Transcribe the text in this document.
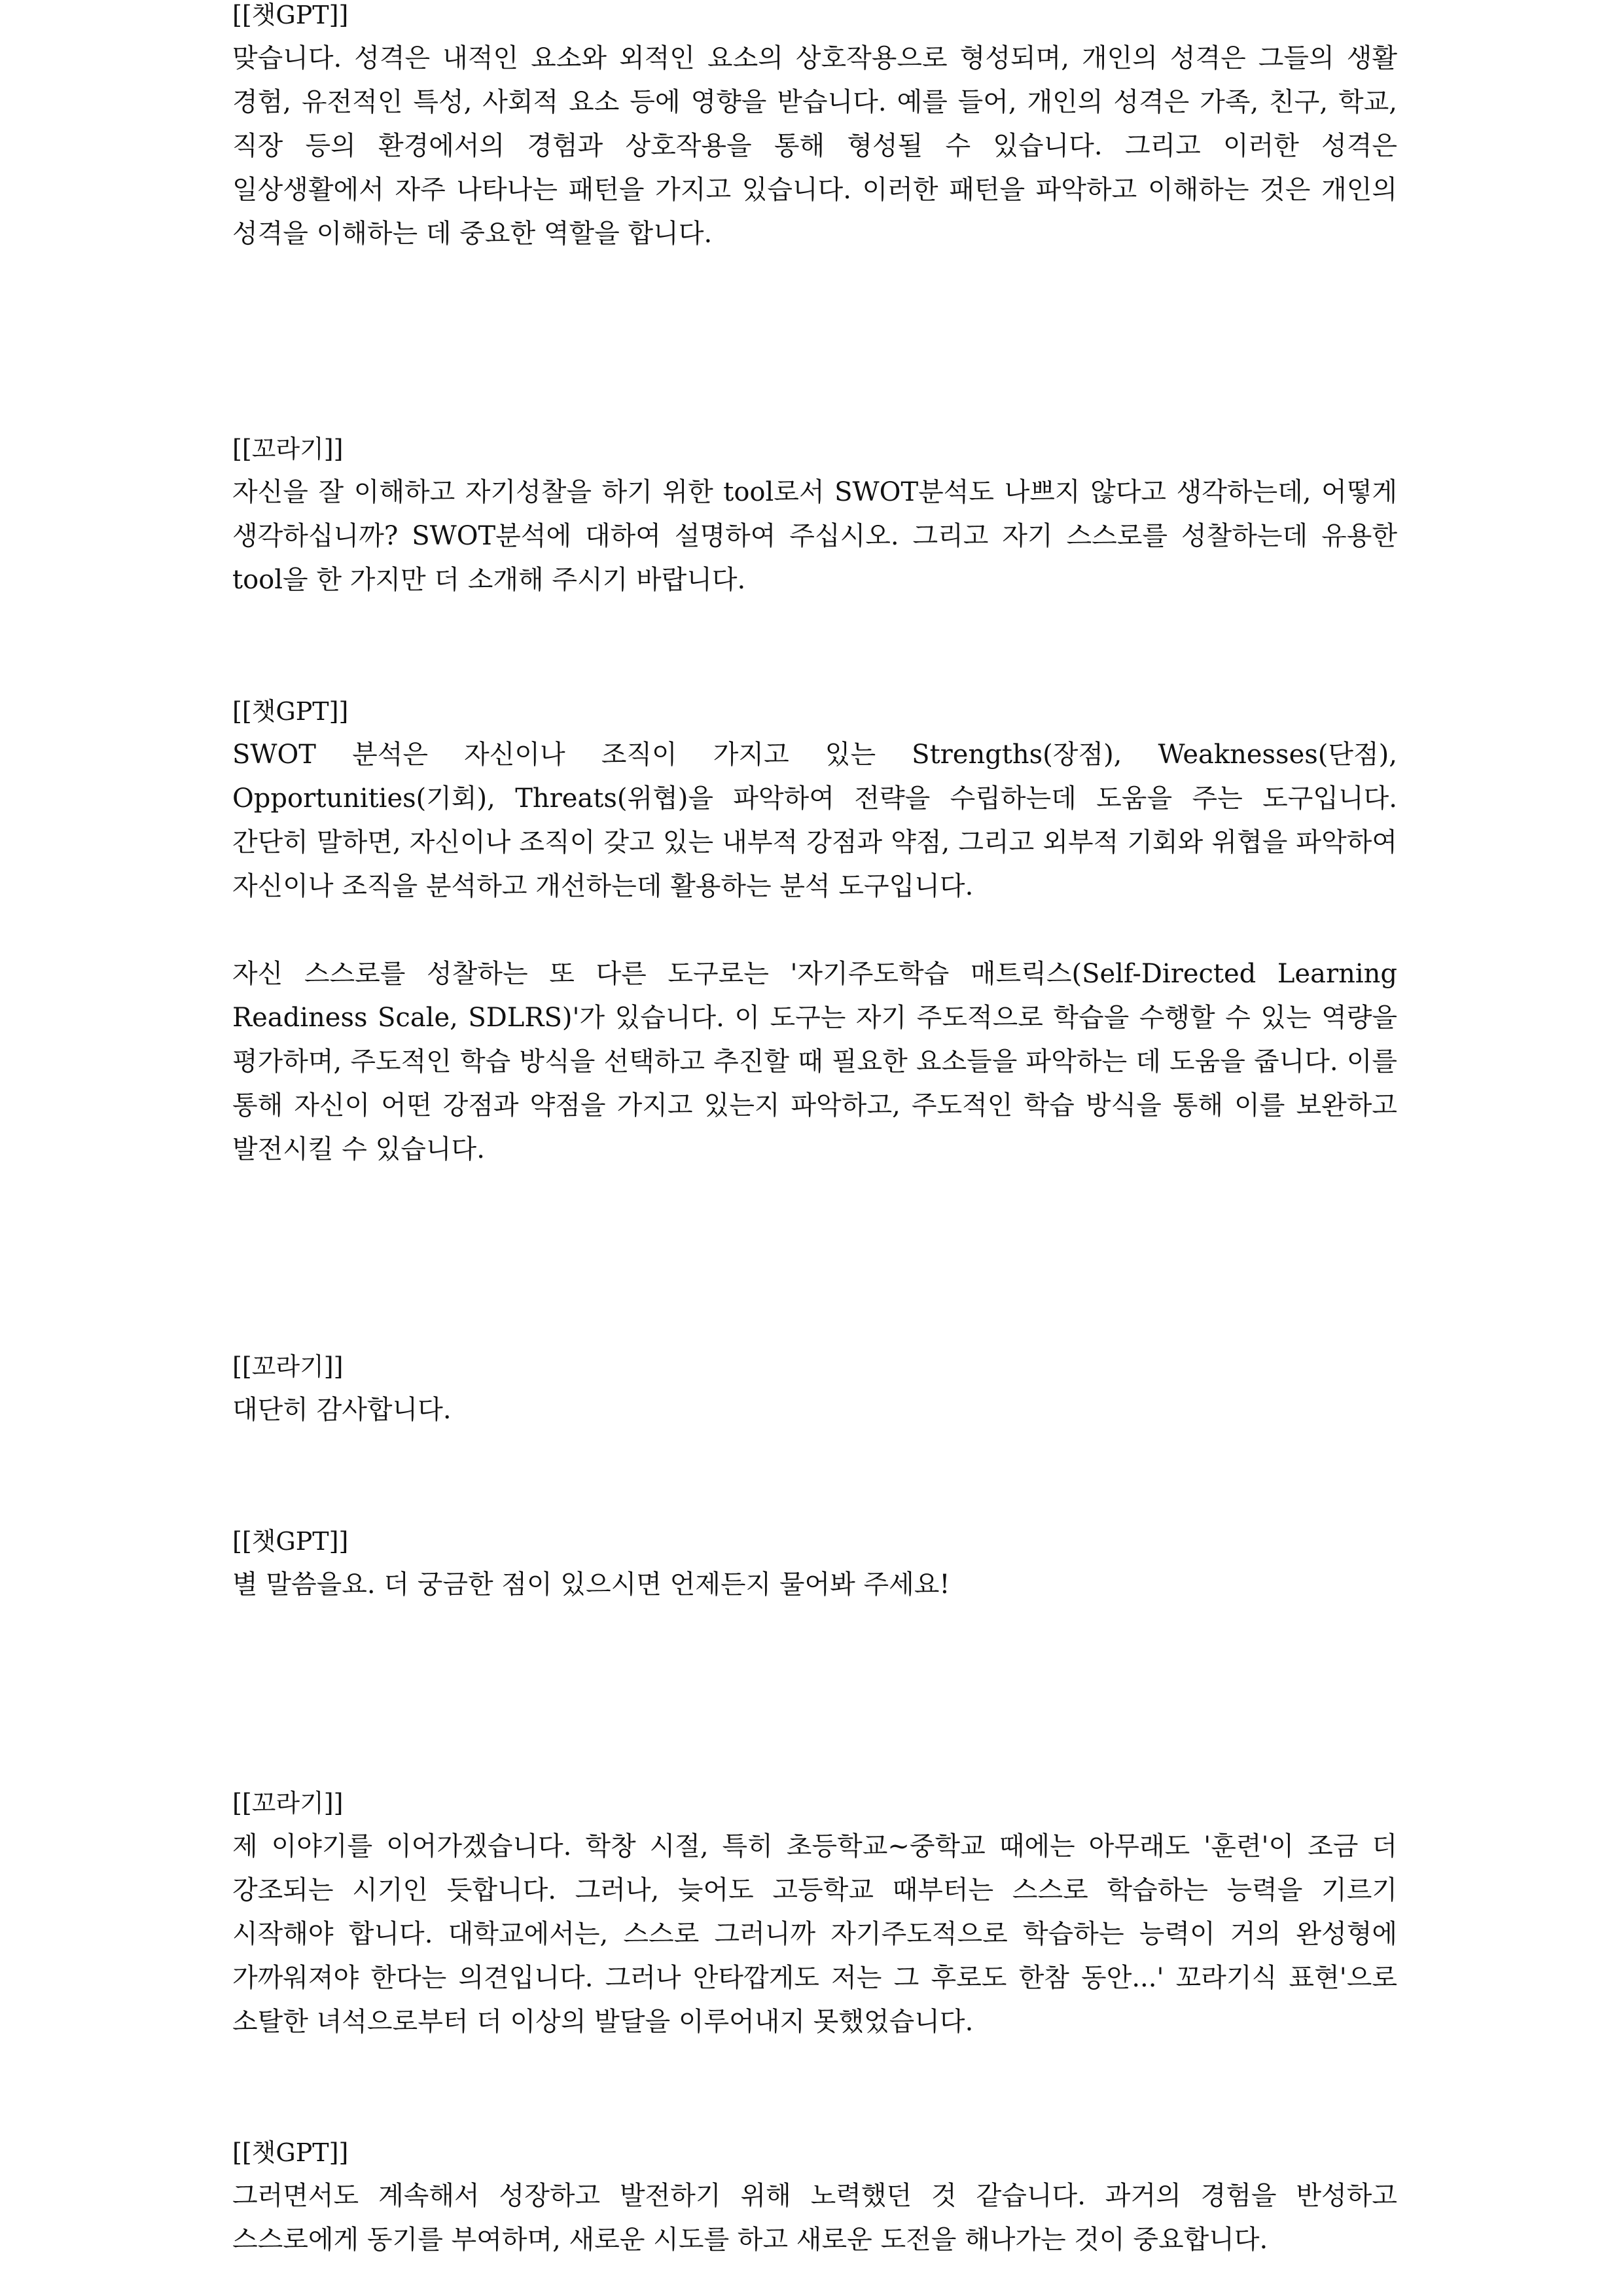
[[챗GPT]]

맞습니다. 성격은 내적인 요소와 외적인 요소의 상호작용으로 형성되며, 개인의 성격은 그들의 생활 경험, 유전적인 특성, 사회적 요소 등에 영향을 받습니다. 예를 들어, 개인의 성격은 가족, 친구, 학교, 직장 등의 환경에서의 경험과 상호작용을 통해 형성될 수 있습니다. 그리고 이러한 성격은 일상생활에서 자주 나타나는 패턴을 가지고 있습니다. 이러한 패턴을 파악하고 이해하는 것은 개인의 성격을 이해하는 데 중요한 역할을 합니다.

[[꼬라기]]

자신을 잘 이해하고 자기성찰을 하기 위한 tool로서 SWOT분석도 나쁘지 않다고 생각하는데, 어떻게 생각하십니까? SWOT분석에 대하여 설명하여 주십시오. 그리고 자기 스스로를 성찰하는데 유용한 tool을 한 가지만 더 소개해 주시기 바랍니다.

[[챗GPT]]

SWOT 분석은 자신이나 조직이 가지고 있는 Strengths(장점), Weaknesses(단점), Opportunities(기회), Threats(위협)을 파악하여 전략을 수립하는데 도움을 주는 도구입니다. 간단히 말하면, 자신이나 조직이 갖고 있는 내부적 강점과 약점, 그리고 외부적 기회와 위협을 파악하여 자신이나 조직을 분석하고 개선하는데 활용하는 분석 도구입니다.

자신 스스로를 성찰하는 또 다른 도구로는 '자기주도학습 매트릭스(Self-Directed Learning Readiness Scale, SDLRS)'가 있습니다. 이 도구는 자기 주도적으로 학습을 수행할 수 있는 역량을 평가하며, 주도적인 학습 방식을 선택하고 추진할 때 필요한 요소들을 파악하는 데 도움을 줍니다. 이를 통해 자신이 어떤 강점과 약점을 가지고 있는지 파악하고, 주도적인 학습 방식을 통해 이를 보완하고 발전시킬 수 있습니다.

[[꼬라기]]

대단히 감사합니다.

[[챗GPT]]

별 말씀을요. 더 궁금한 점이 있으시면 언제든지 물어봐 주세요!

[[꼬라기]]

제 이야기를 이어가겠습니다. 학창 시절, 특히 초등학교~중학교 때에는 아무래도 '훈련'이 조금 더 강조되는 시기인 듯합니다. 그러나, 늦어도 고등학교 때부터는 스스로 학습하는 능력을 기르기 시작해야 합니다. 대학교에서는, 스스로 그러니까 자기주도적으로 학습하는 능력이 거의 완성형에 가까워져야 한다는 의견입니다. 그러나 안타깝게도 저는 그 후로도 한참 동안...' 꼬라기식 표현'으로 소탈한 녀석으로부터 더 이상의 발달을 이루어내지 못했었습니다.

[[챗GPT]]

그러면서도 계속해서 성장하고 발전하기 위해 노력했던 것 같습니다. 과거의 경험을 반성하고 스스로에게 동기를 부여하며, 새로운 시도를 하고 새로운 도전을 해나가는 것이 중요합니다.
